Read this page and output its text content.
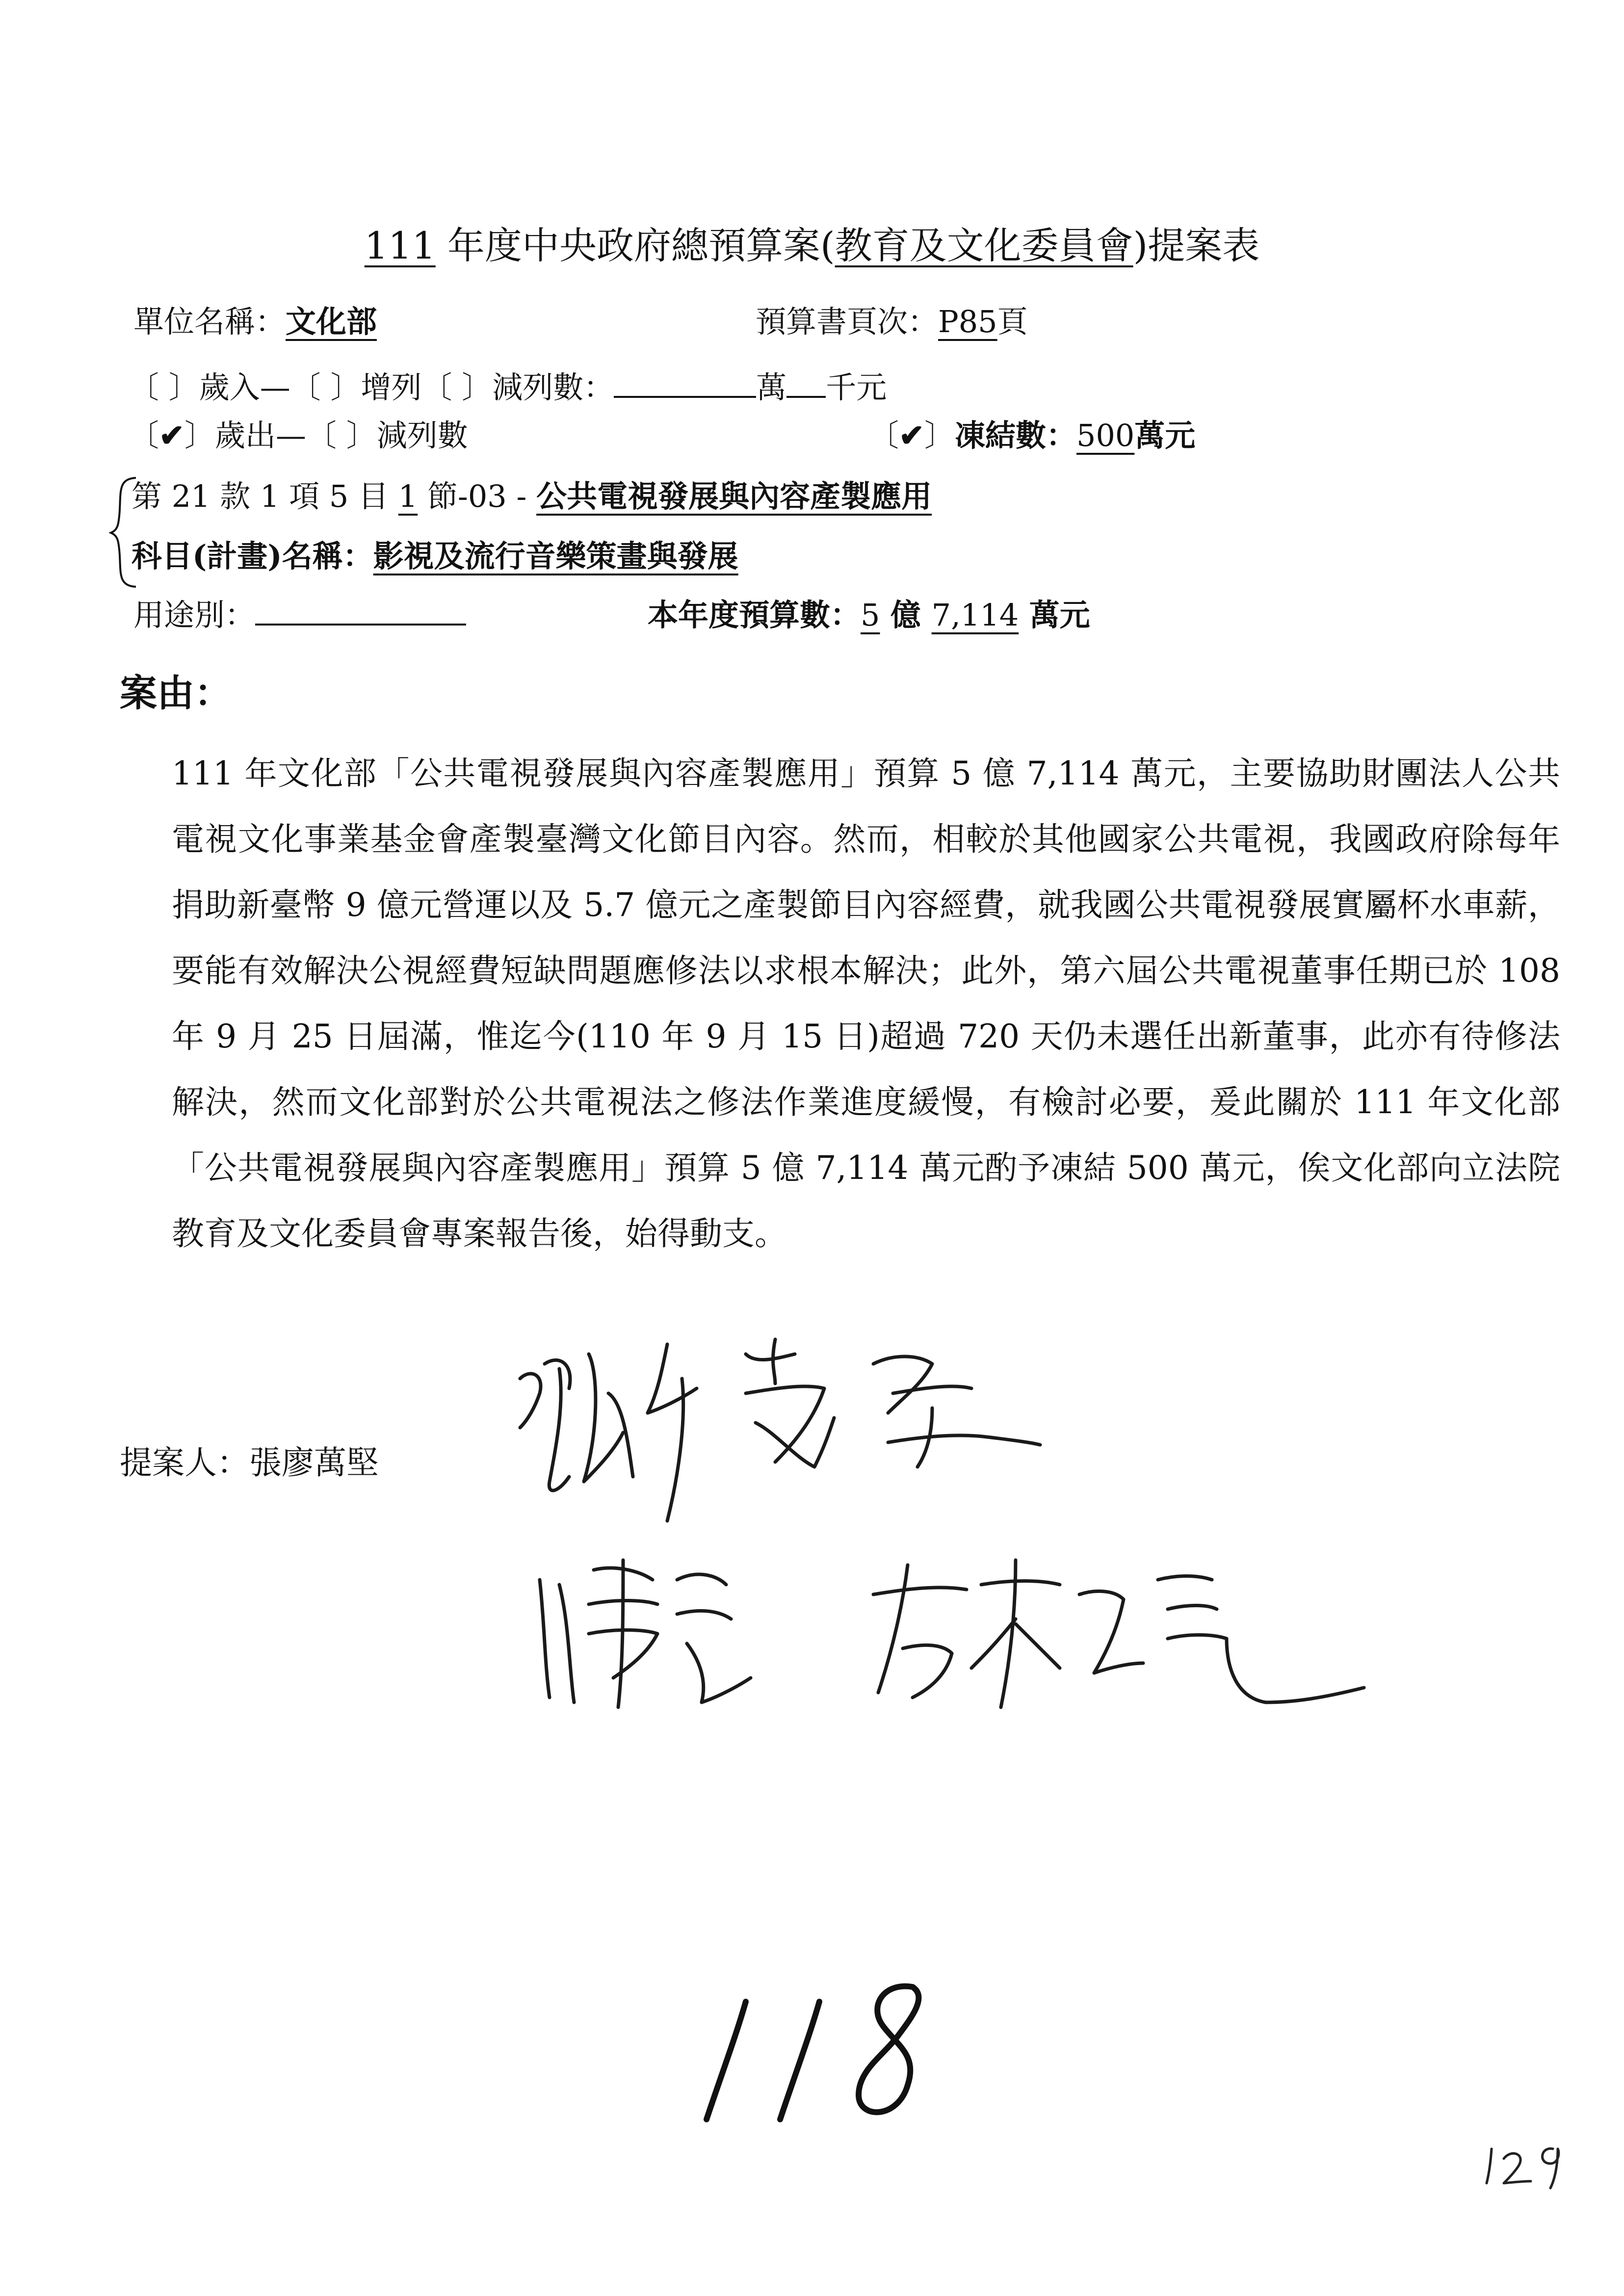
111 年度中央政府總預算案(教育及文化委員會)提案表
單位名稱：文化部	預算書頁次：P85頁
〔 〕歲入—〔 〕增列〔 〕減列數：	萬 千元
〔✔〕歲出—〔 〕減列數	〔✔〕凍結數：500萬元
第 21 款 1 項 5 目 1 節-03 - 公共電視發展與內容產製應用
科目(計畫)名稱：影視及流行音樂策畫與發展
用途別：	本年度預算數：5 億 7,114 萬元
案由：
111 年文化部「公共電視發展與內容產製應用」預算 5 億 7,114 萬元，主要協助財團法人公共電視文化事業基金會產製臺灣文化節目內容。然而，相較於其他國家公共電視，我國政府除每年捐助新臺幣 9 億元營運以及 5.7 億元之產製節目內容經費，就我國公共電視發展實屬杯水車薪，要能有效解決公視經費短缺問題應修法以求根本解決；此外，第六屆公共電視董事任期已於 108 年 9 月 25 日屆滿，惟迄今(110 年 9 月 15 日)超過 720 天仍未選任出新董事，此亦有待修法解決，然而文化部對於公共電視法之修法作業進度緩慢，有檢討必要，爰此關於 111 年文化部「公共電視發展與內容產製應用」預算 5 億 7,114 萬元酌予凍結 500 萬元，俟文化部向立法院教育及文化委員會專案報告後，始得動支。
提案人：張廖萬堅
118
129
